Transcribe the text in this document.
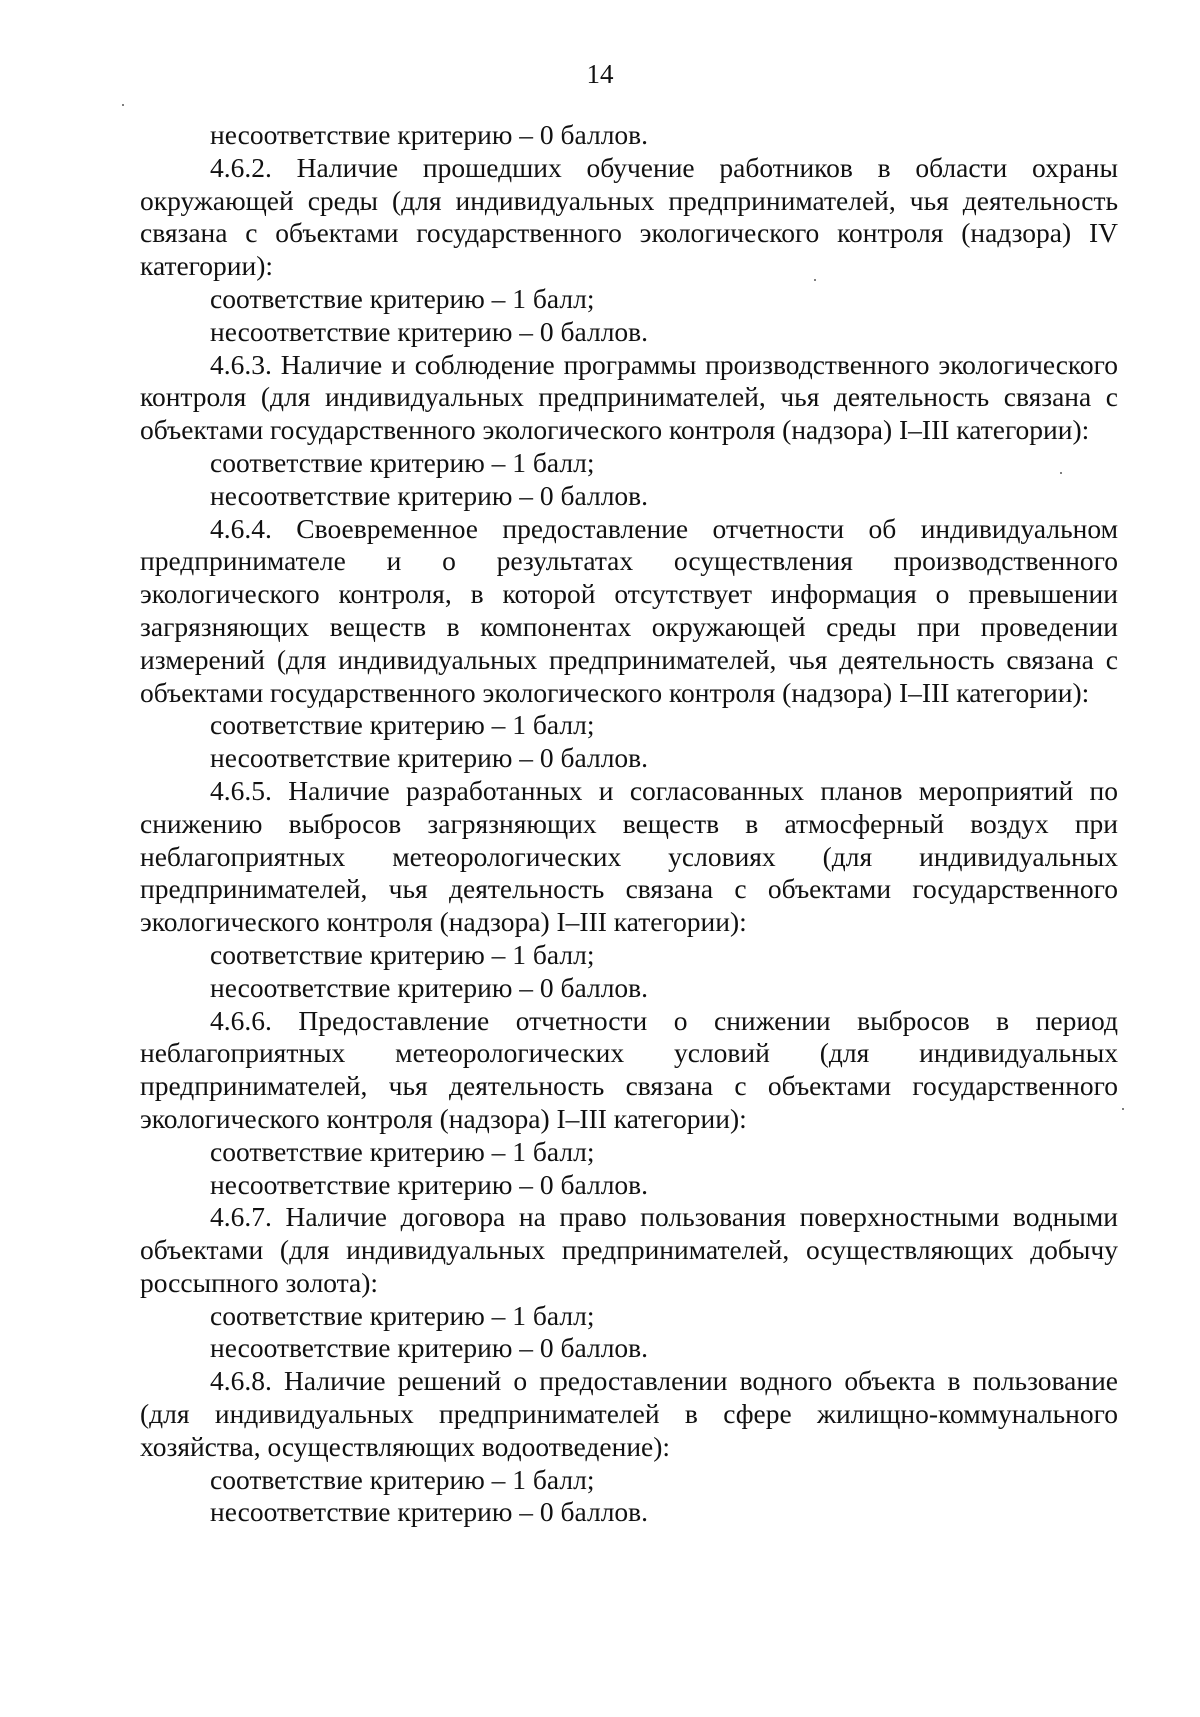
14

несоответствие критерию – 0 баллов.

4.6.2. Наличие прошедших обучение работников в области охраны окружающей среды (для индивидуальных предпринимателей, чья деятельность связана с объектами государственного экологического контроля (надзора) IV категории):

соответствие критерию – 1 балл;

несоответствие критерию – 0 баллов.

4.6.3. Наличие и соблюдение программы производственного экологического контроля (для индивидуальных предпринимателей, чья деятельность связана с объектами государственного экологического контроля (надзора) I–III категории):

соответствие критерию – 1 балл;

несоответствие критерию – 0 баллов.

4.6.4. Своевременное предоставление отчетности об индивидуальном предпринимателе и о результатах осуществления производственного экологического контроля, в которой отсутствует информация о превышении загрязняющих веществ в компонентах окружающей среды при проведении измерений (для индивидуальных предпринимателей, чья деятельность связана с объектами государственного экологического контроля (надзора) I–III категории):

соответствие критерию – 1 балл;

несоответствие критерию – 0 баллов.

4.6.5. Наличие разработанных и согласованных планов мероприятий по снижению выбросов загрязняющих веществ в атмосферный воздух при неблагоприятных метеорологических условиях (для индивидуальных предпринимателей, чья деятельность связана с объектами государственного экологического контроля (надзора) I–III категории):

соответствие критерию – 1 балл;

несоответствие критерию – 0 баллов.

4.6.6. Предоставление отчетности о снижении выбросов в период неблагоприятных метеорологических условий (для индивидуальных предпринимателей, чья деятельность связана с объектами государственного экологического контроля (надзора) I–III категории):

соответствие критерию – 1 балл;

несоответствие критерию – 0 баллов.

4.6.7. Наличие договора на право пользования поверхностными водными объектами (для индивидуальных предпринимателей, осуществляющих добычу россыпного золота):

соответствие критерию – 1 балл;

несоответствие критерию – 0 баллов.

4.6.8. Наличие решений о предоставлении водного объекта в пользование (для индивидуальных предпринимателей в сфере жилищно-коммунального хозяйства, осуществляющих водоотведение):

соответствие критерию – 1 балл;

несоответствие критерию – 0 баллов.
